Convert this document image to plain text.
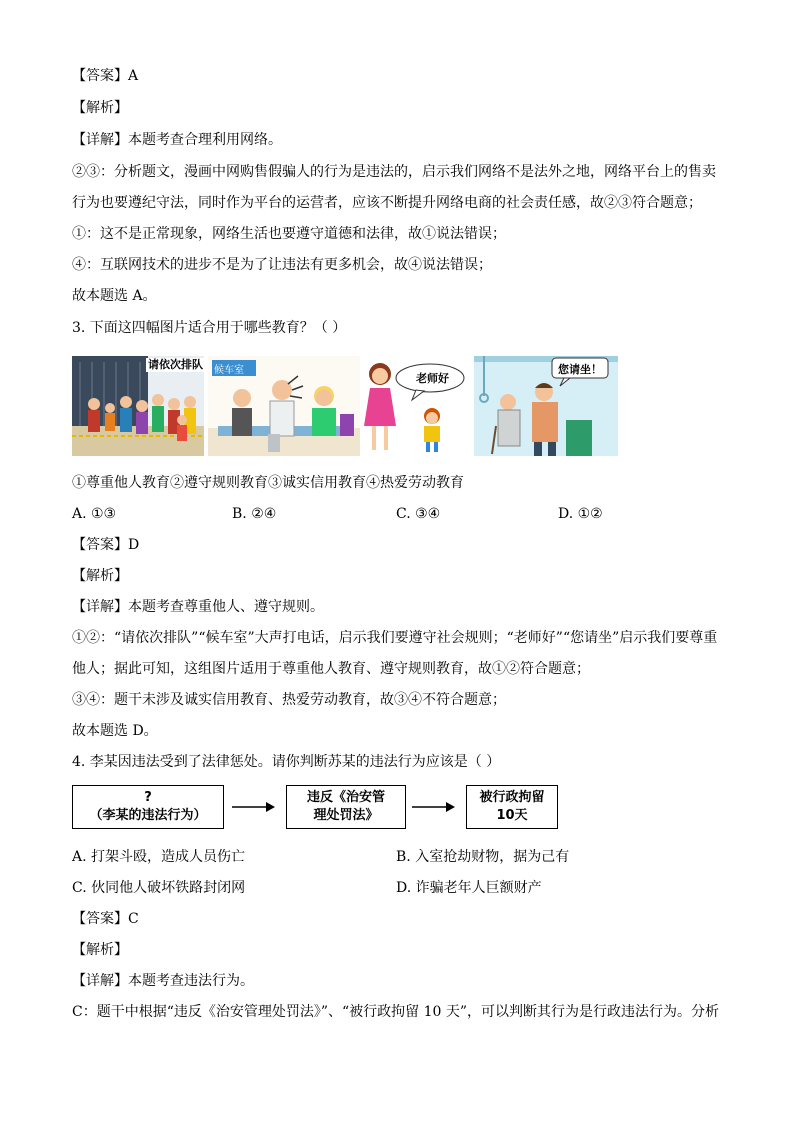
【答案】A
【解析】
【详解】本题考查合理利用网络。
②③：分析题文，漫画中网购售假骗人的行为是违法的，启示我们网络不是法外之地，网络平台上的售卖
行为也要遵纪守法，同时作为平台的运营者，应该不断提升网络电商的社会责任感，故②③符合题意；
①：这不是正常现象，网络生活也要遵守道德和法律，故①说法错误；
④：互联网技术的进步不是为了让违法有更多机会，故④说法错误；
故本题选 A。
3. 下面这四幅图片适合用于哪些教育？（ ）
请依次排队 候车室
老师好
您请坐！
①尊重他人教育②遵守规则教育③诚实信用教育④热爱劳动教育
A. ①③	B. ②④	C. ③④	D. ①②
【答案】D
【解析】
【详解】本题考查尊重他人、遵守规则。
①②：“请依次排队”“候车室”大声打电话，启示我们要遵守社会规则；“老师好”“您请坐”启示我们要尊重
他人；据此可知，这组图片适用于尊重他人教育、遵守规则教育，故①②符合题意；
③④：题干未涉及诚实信用教育、热爱劳动教育，故③④不符合题意；
故本题选 D。
4. 李某因违法受到了法律惩处。请你判断苏某的违法行为应该是（ ）
?
（李某的违法行为）
违反《治安管
理处罚法》
被行政拘留
10天
A. 打架斗殴，造成人员伤亡	B. 入室抢劫财物，据为己有
C. 伙同他人破坏铁路封闭网	D. 诈骗老年人巨额财产
【答案】C
【解析】
【详解】本题考查违法行为。
C：题干中根据“违反《治安管理处罚法》”、“被行政拘留 10 天”，可以判断其行为是行政违法行为。分析
